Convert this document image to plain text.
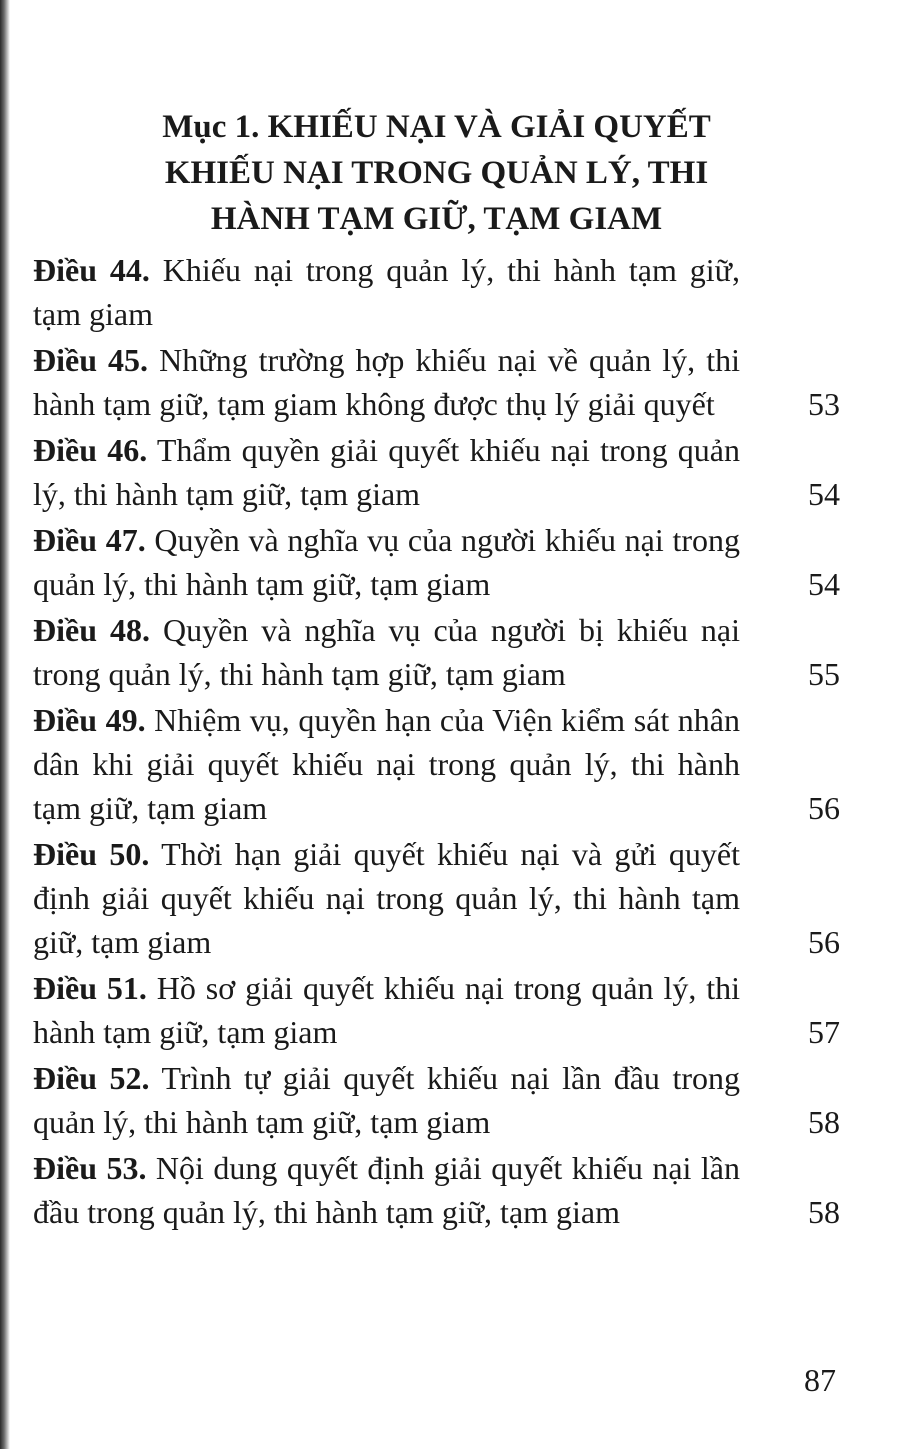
Mục 1. KHIẾU NẠI VÀ GIẢI QUYẾT
KHIẾU NẠI TRONG QUẢN LÝ, THI
HÀNH TẠM GIỮ, TẠM GIAM
Điều 44. Khiếu nại trong quản lý, thi hành tạm giữ, tạm giam
Điều 45. Những trường hợp khiếu nại về quản lý, thi hành tạm giữ, tạm giam không được thụ lý giải quyết	53
Điều 46. Thẩm quyền giải quyết khiếu nại trong quản lý, thi hành tạm giữ, tạm giam	54
Điều 47. Quyền và nghĩa vụ của người khiếu nại trong quản lý, thi hành tạm giữ, tạm giam	54
Điều 48. Quyền và nghĩa vụ của người bị khiếu nại trong quản lý, thi hành tạm giữ, tạm giam	55
Điều 49. Nhiệm vụ, quyền hạn của Viện kiểm sát nhân dân khi giải quyết khiếu nại trong quản lý, thi hành tạm giữ, tạm giam	56
Điều 50. Thời hạn giải quyết khiếu nại và gửi quyết định giải quyết khiếu nại trong quản lý, thi hành tạm giữ, tạm giam	56
Điều 51. Hồ sơ giải quyết khiếu nại trong quản lý, thi hành tạm giữ, tạm giam	57
Điều 52. Trình tự giải quyết khiếu nại lần đầu trong quản lý, thi hành tạm giữ, tạm giam	58
Điều 53. Nội dung quyết định giải quyết khiếu nại lần đầu trong quản lý, thi hành tạm giữ, tạm giam	58
87
